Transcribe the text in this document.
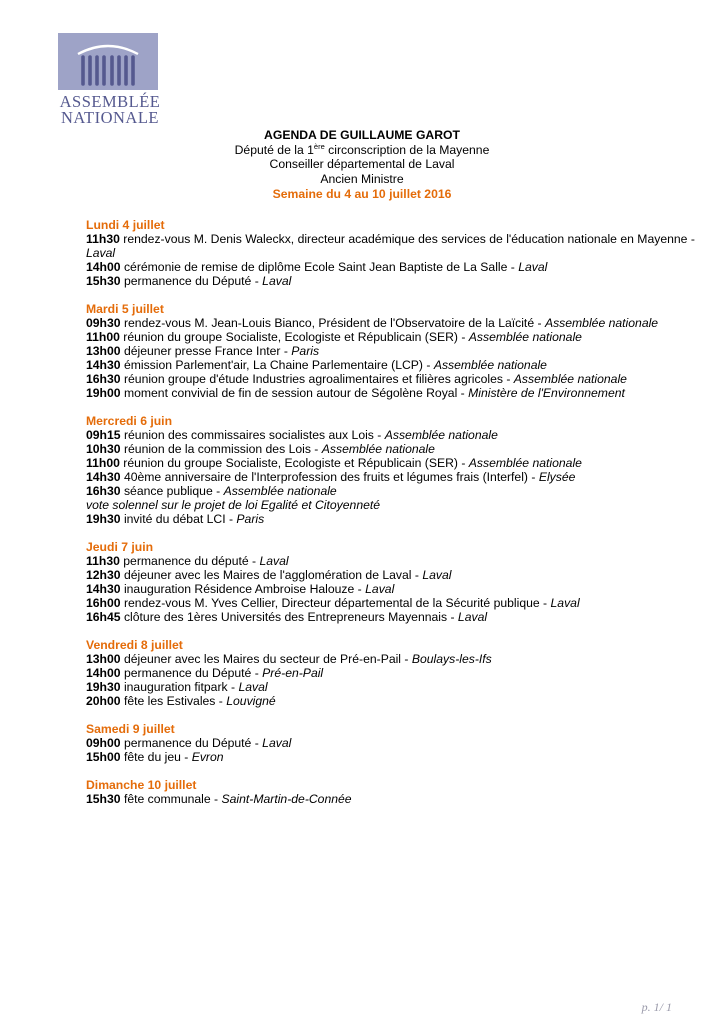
ASSEMBLÉE
NATIONALE
AGENDA DE GUILLAUME GAROT
Député de la 1ère circonscription de la Mayenne
Conseiller départemental de Laval
Ancien Ministre
Semaine du 4 au 10 juillet 2016
Lundi 4 juillet
11h30 rendez-vous M. Denis Waleckx, directeur académique des services de l'éducation nationale en Mayenne - Laval
14h00 cérémonie de remise de diplôme Ecole Saint Jean Baptiste de La Salle - Laval
15h30 permanence du Député - Laval
Mardi 5 juillet
09h30 rendez-vous M. Jean-Louis Bianco, Président de l'Observatoire de la Laïcité - Assemblée nationale
11h00 réunion du groupe Socialiste, Ecologiste et Républicain (SER) - Assemblée nationale
13h00 déjeuner presse France Inter - Paris
14h30 émission Parlement'air, La Chaine Parlementaire (LCP) - Assemblée nationale
16h30 réunion groupe d'étude Industries agroalimentaires et filières agricoles - Assemblée nationale
19h00 moment convivial de fin de session autour de Ségolène Royal - Ministère de l'Environnement
Mercredi 6 juin
09h15 réunion des commissaires socialistes aux Lois - Assemblée nationale
10h30 réunion de la commission des Lois - Assemblée nationale
11h00 réunion du groupe Socialiste, Ecologiste et Républicain (SER) - Assemblée nationale
14h30 40ème anniversaire de l'Interprofession des fruits et légumes frais (Interfel) - Elysée
16h30 séance publique - Assemblée nationale
vote solennel sur le projet de loi Egalité et Citoyenneté
19h30 invité du débat LCI - Paris
Jeudi 7 juin
11h30 permanence du député - Laval
12h30 déjeuner avec les Maires de l'agglomération de Laval - Laval
14h30 inauguration Résidence Ambroise Halouze - Laval
16h00 rendez-vous M. Yves Cellier, Directeur départemental de la Sécurité publique - Laval
16h45 clôture des 1ères Universités des Entrepreneurs Mayennais - Laval
Vendredi 8 juillet
13h00 déjeuner avec les Maires du secteur de Pré-en-Pail - Boulays-les-Ifs
14h00 permanence du Député - Pré-en-Pail
19h30 inauguration fitpark - Laval
20h00 fête les Estivales - Louvigné
Samedi 9 juillet
09h00 permanence du Député - Laval
15h00 fête du jeu - Evron
Dimanche 10 juillet
15h30 fête communale - Saint-Martin-de-Connée
p. 1/ 1
